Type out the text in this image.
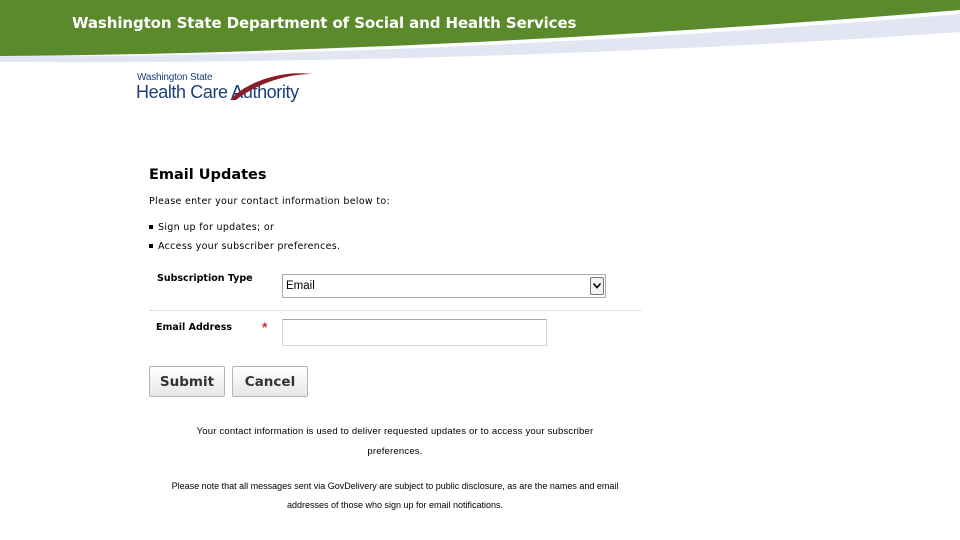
Washington State Department of Social and Health Services
Washington State
Health Care Authority
Email Updates
Please enter your contact information below to:
Sign up for updates; or
Access your subscriber preferences.
Subscription Type
Email
Email Address *
Submit	Cancel
Your contact information is used to deliver requested updates or to access your subscriber
preferences.
Please note that all messages sent via GovDelivery are subject to public disclosure, as are the names and email
addresses of those who sign up for email notifications.
